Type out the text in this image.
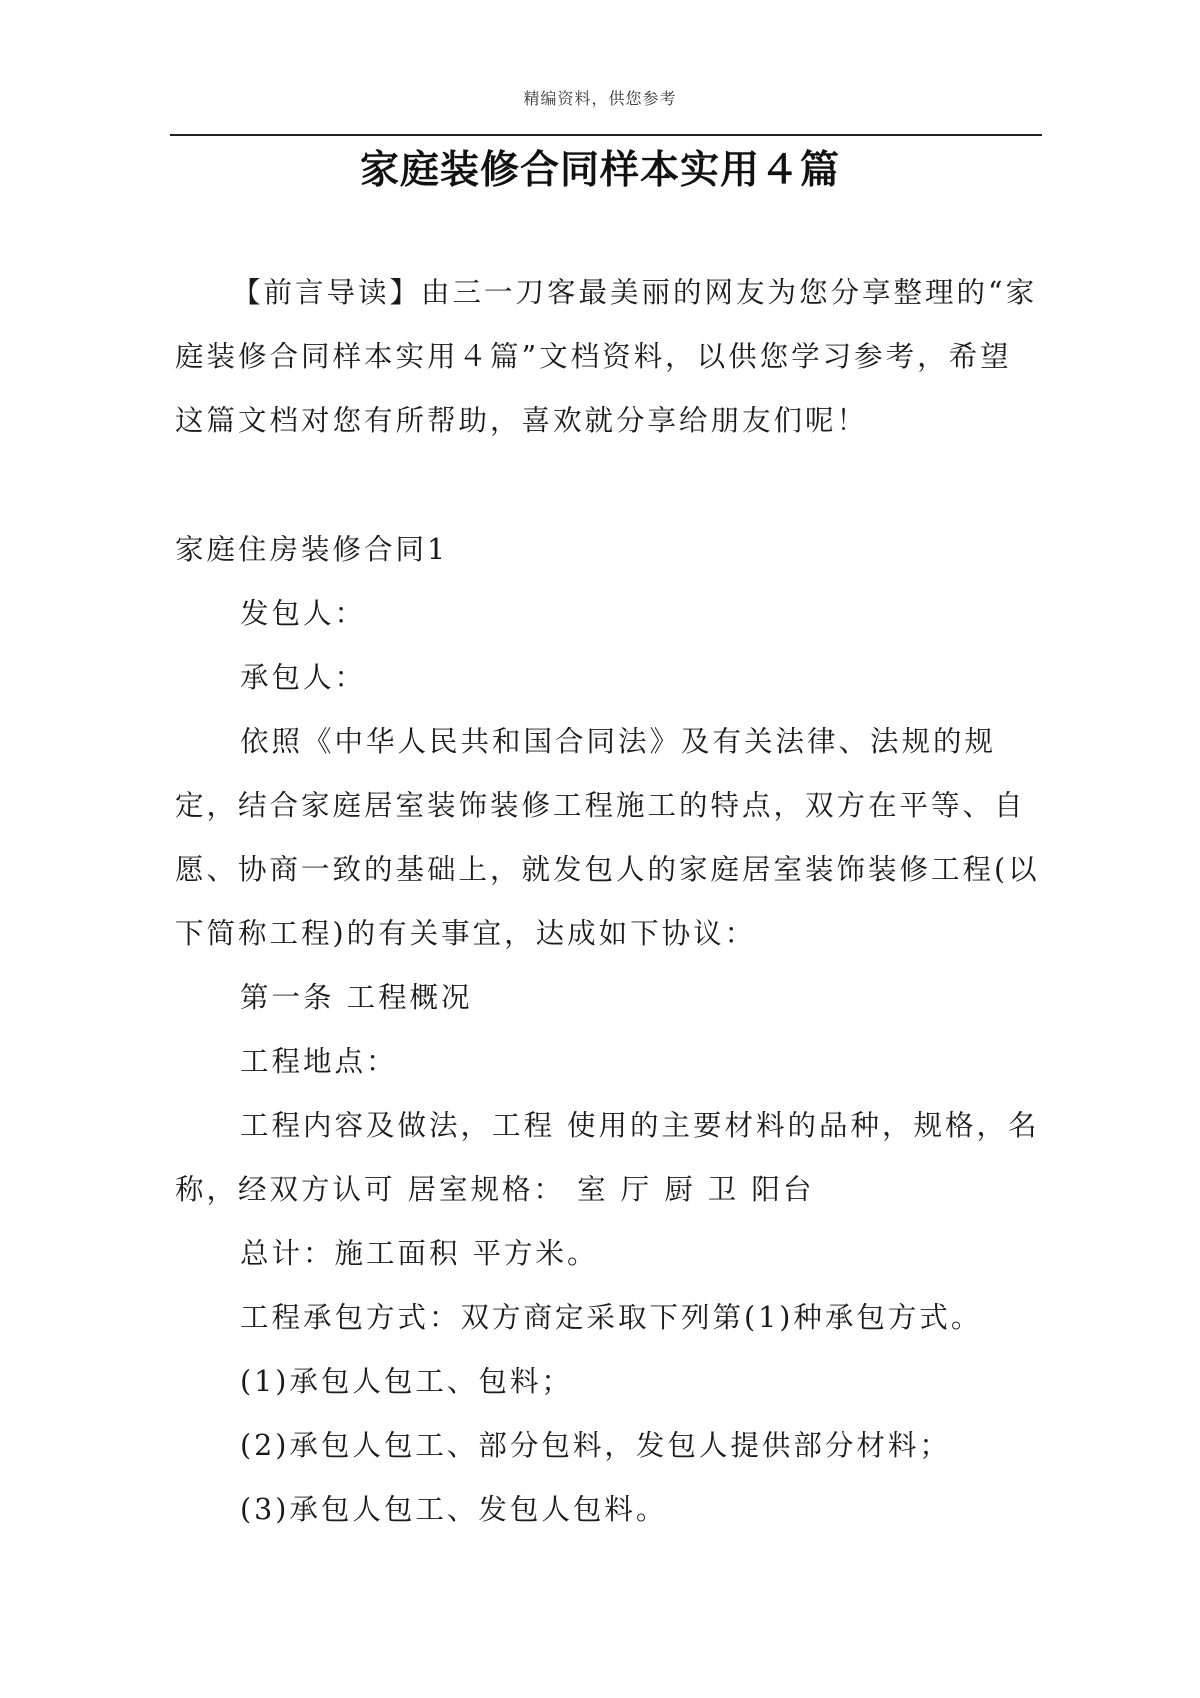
精编资料，供您参考
家庭装修合同样本实用４篇

【前言导读】由三一刀客最美丽的网友为您分享整理的“家庭装修合同样本实用４篇”文档资料，以供您学习参考，希望这篇文档对您有所帮助，喜欢就分享给朋友们呢！

家庭住房装修合同1

发包人：

承包人：

依照《中华人民共和国合同法》及有关法律、法规的规定，结合家庭居室装饰装修工程施工的特点，双方在平等、自愿、协商一致的基础上，就发包人的家庭居室装饰装修工程(以下简称工程)的有关事宜，达成如下协议：

第一条 工程概况

工程地点：

工程内容及做法，工程 使用的主要材料的品种，规格，名称，经双方认可 居室规格： 室 厅 厨 卫 阳台

总计：施工面积 平方米。

工程承包方式：双方商定采取下列第(1)种承包方式。

(1)承包人包工、包料；

(2)承包人包工、部分包料，发包人提供部分材料；

(3)承包人包工、发包人包料。
